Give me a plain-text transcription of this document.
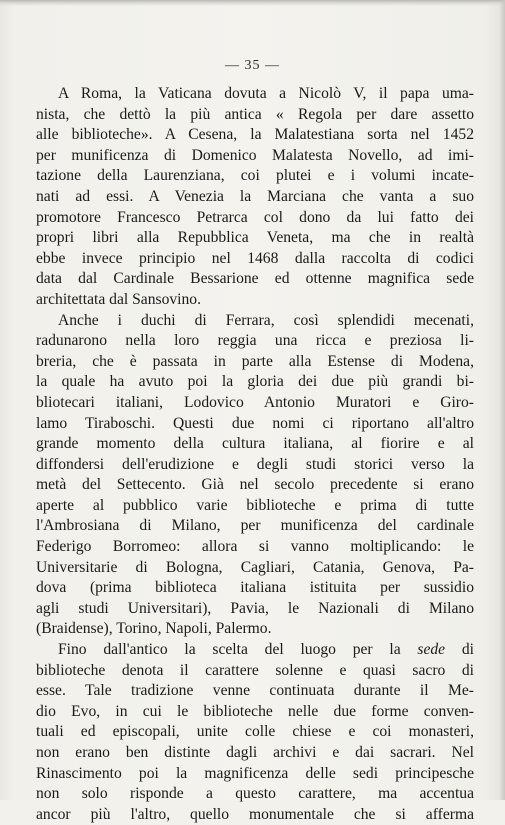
— 35 —
A Roma, la Vaticana dovuta a Nicolò V, il papa uma-
nista, che dettò la più antica « Regola per dare assetto
alle biblioteche». A Cesena, la Malatestiana sorta nel 1452
per munificenza di Domenico Malatesta Novello, ad imi-
tazione della Laurenziana, coi plutei e i volumi incate-
nati ad essi. A Venezia la Marciana che vanta a suo
promotore Francesco Petrarca col dono da lui fatto dei
propri libri alla Repubblica Veneta, ma che in realtà
ebbe invece principio nel 1468 dalla raccolta di codici
data dal Cardinale Bessarione ed ottenne magnifica sede
architettata dal Sansovino.
Anche i duchi di Ferrara, così splendidi mecenati,
radunarono nella loro reggia una ricca e preziosa li-
breria, che è passata in parte alla Estense di Modena,
la quale ha avuto poi la gloria dei due più grandi bi-
bliotecari italiani, Lodovico Antonio Muratori e Giro-
lamo Tiraboschi. Questi due nomi ci riportano all'altro
grande momento della cultura italiana, al fiorire e al
diffondersi dell'erudizione e degli studi storici verso la
metà del Settecento. Già nel secolo precedente si erano
aperte al pubblico varie biblioteche e prima di tutte
l'Ambrosiana di Milano, per munificenza del cardinale
Federigo Borromeo: allora si vanno moltiplicando: le
Universitarie di Bologna, Cagliari, Catania, Genova, Pa-
dova (prima biblioteca italiana istituita per sussidio
agli studi Universitari), Pavia, le Nazionali di Milano
(Braidense), Torino, Napoli, Palermo.
Fino dall'antico la scelta del luogo per la sede di
biblioteche denota il carattere solenne e quasi sacro di
esse. Tale tradizione venne continuata durante il Me-
dio Evo, in cui le biblioteche nelle due forme conven-
tuali ed episcopali, unite colle chiese e coi monasteri,
non erano ben distinte dagli archivi e dai sacrari. Nel
Rinascimento poi la magnificenza delle sedi principesche
non solo risponde a questo carattere, ma accentua
ancor più l'altro, quello monumentale che si afferma
